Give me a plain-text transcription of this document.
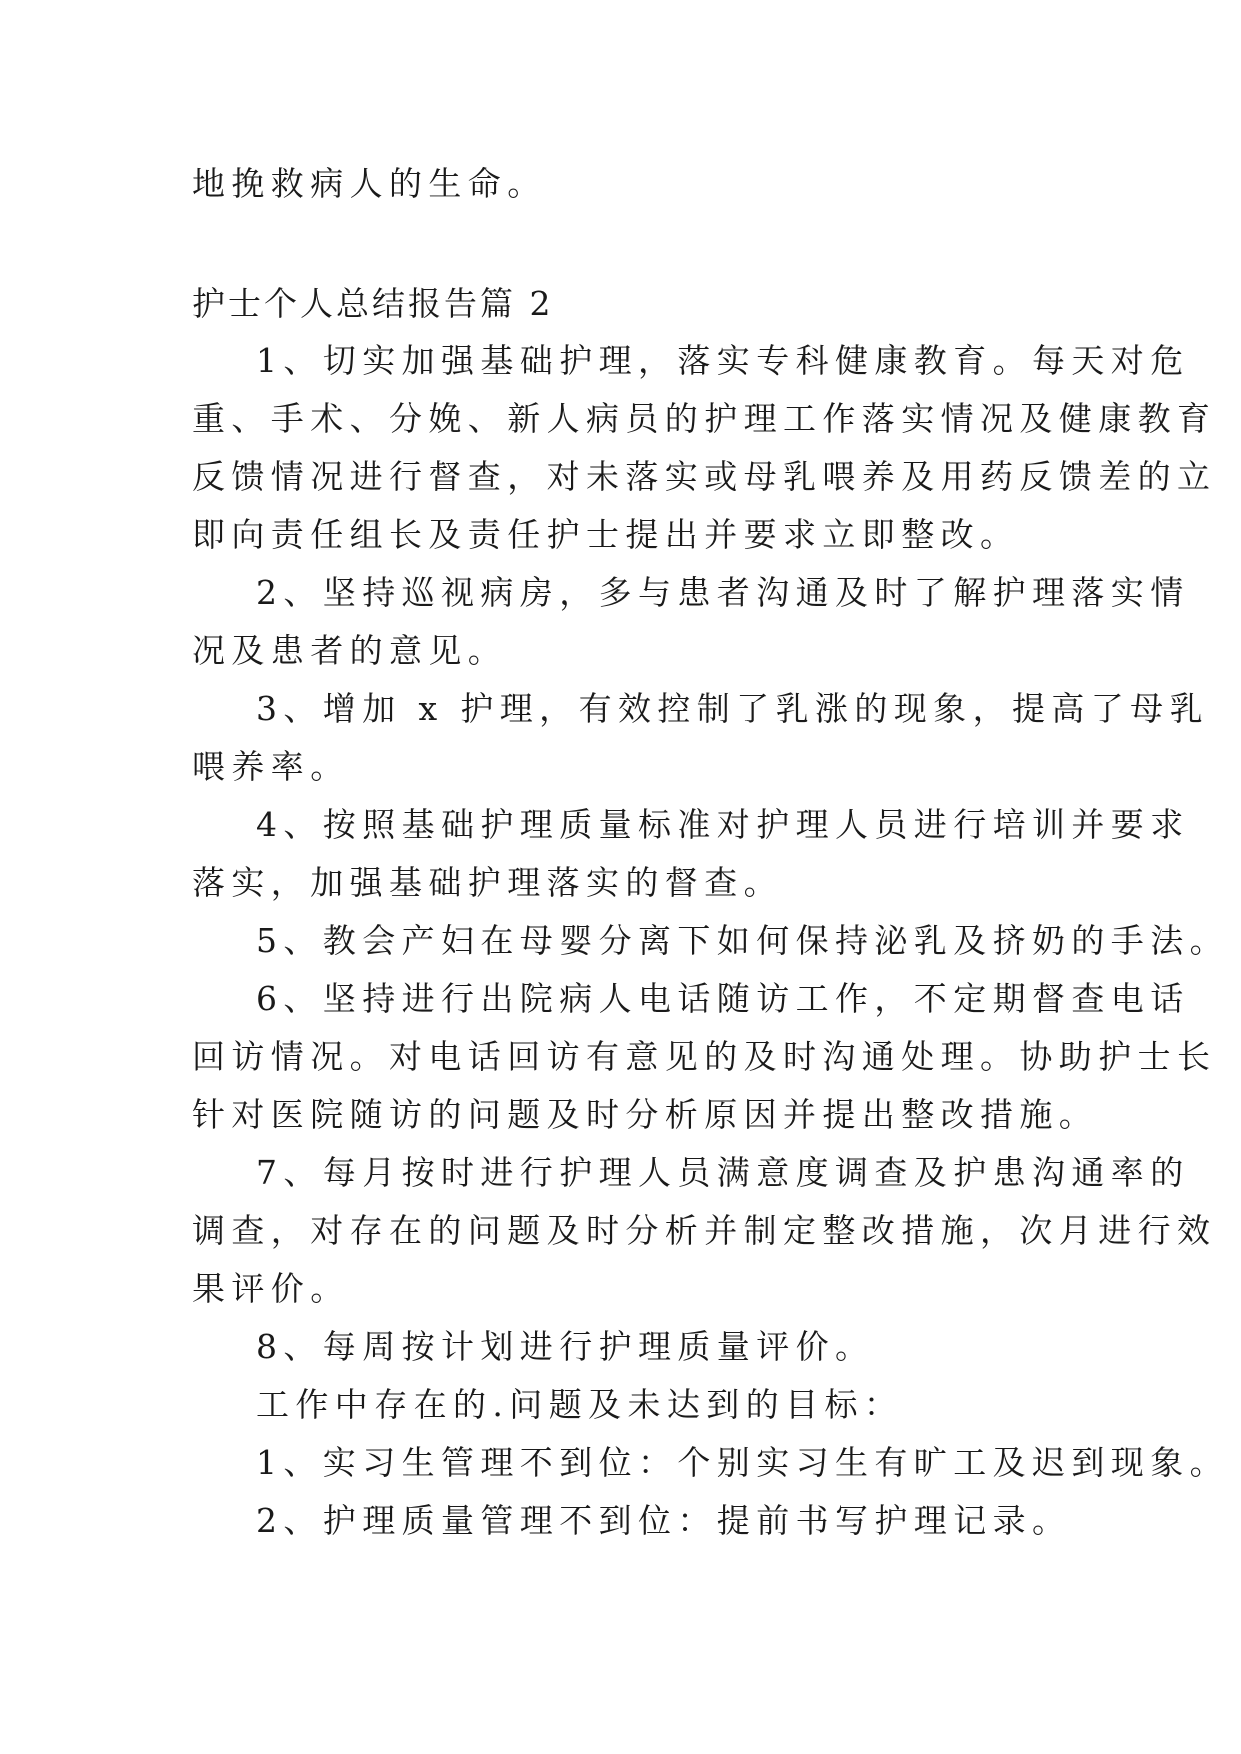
地挽救病人的生命。
护士个人总结报告篇 2
1、切实加强基础护理，落实专科健康教育。每天对危
重、手术、分娩、新人病员的护理工作落实情况及健康教育
反馈情况进行督查，对未落实或母乳喂养及用药反馈差的立
即向责任组长及责任护士提出并要求立即整改。
2、坚持巡视病房，多与患者沟通及时了解护理落实情
况及患者的意见。
3、增加 x 护理，有效控制了乳涨的现象，提高了母乳
喂养率。
4、按照基础护理质量标准对护理人员进行培训并要求
落实，加强基础护理落实的督查。
5、教会产妇在母婴分离下如何保持泌乳及挤奶的手法。
6、坚持进行出院病人电话随访工作，不定期督查电话
回访情况。对电话回访有意见的及时沟通处理。协助护士长
针对医院随访的问题及时分析原因并提出整改措施。
7、每月按时进行护理人员满意度调查及护患沟通率的
调查，对存在的问题及时分析并制定整改措施，次月进行效
果评价。
8、每周按计划进行护理质量评价。
工作中存在的.问题及未达到的目标：
1、实习生管理不到位：个别实习生有旷工及迟到现象。
2、护理质量管理不到位：提前书写护理记录。
